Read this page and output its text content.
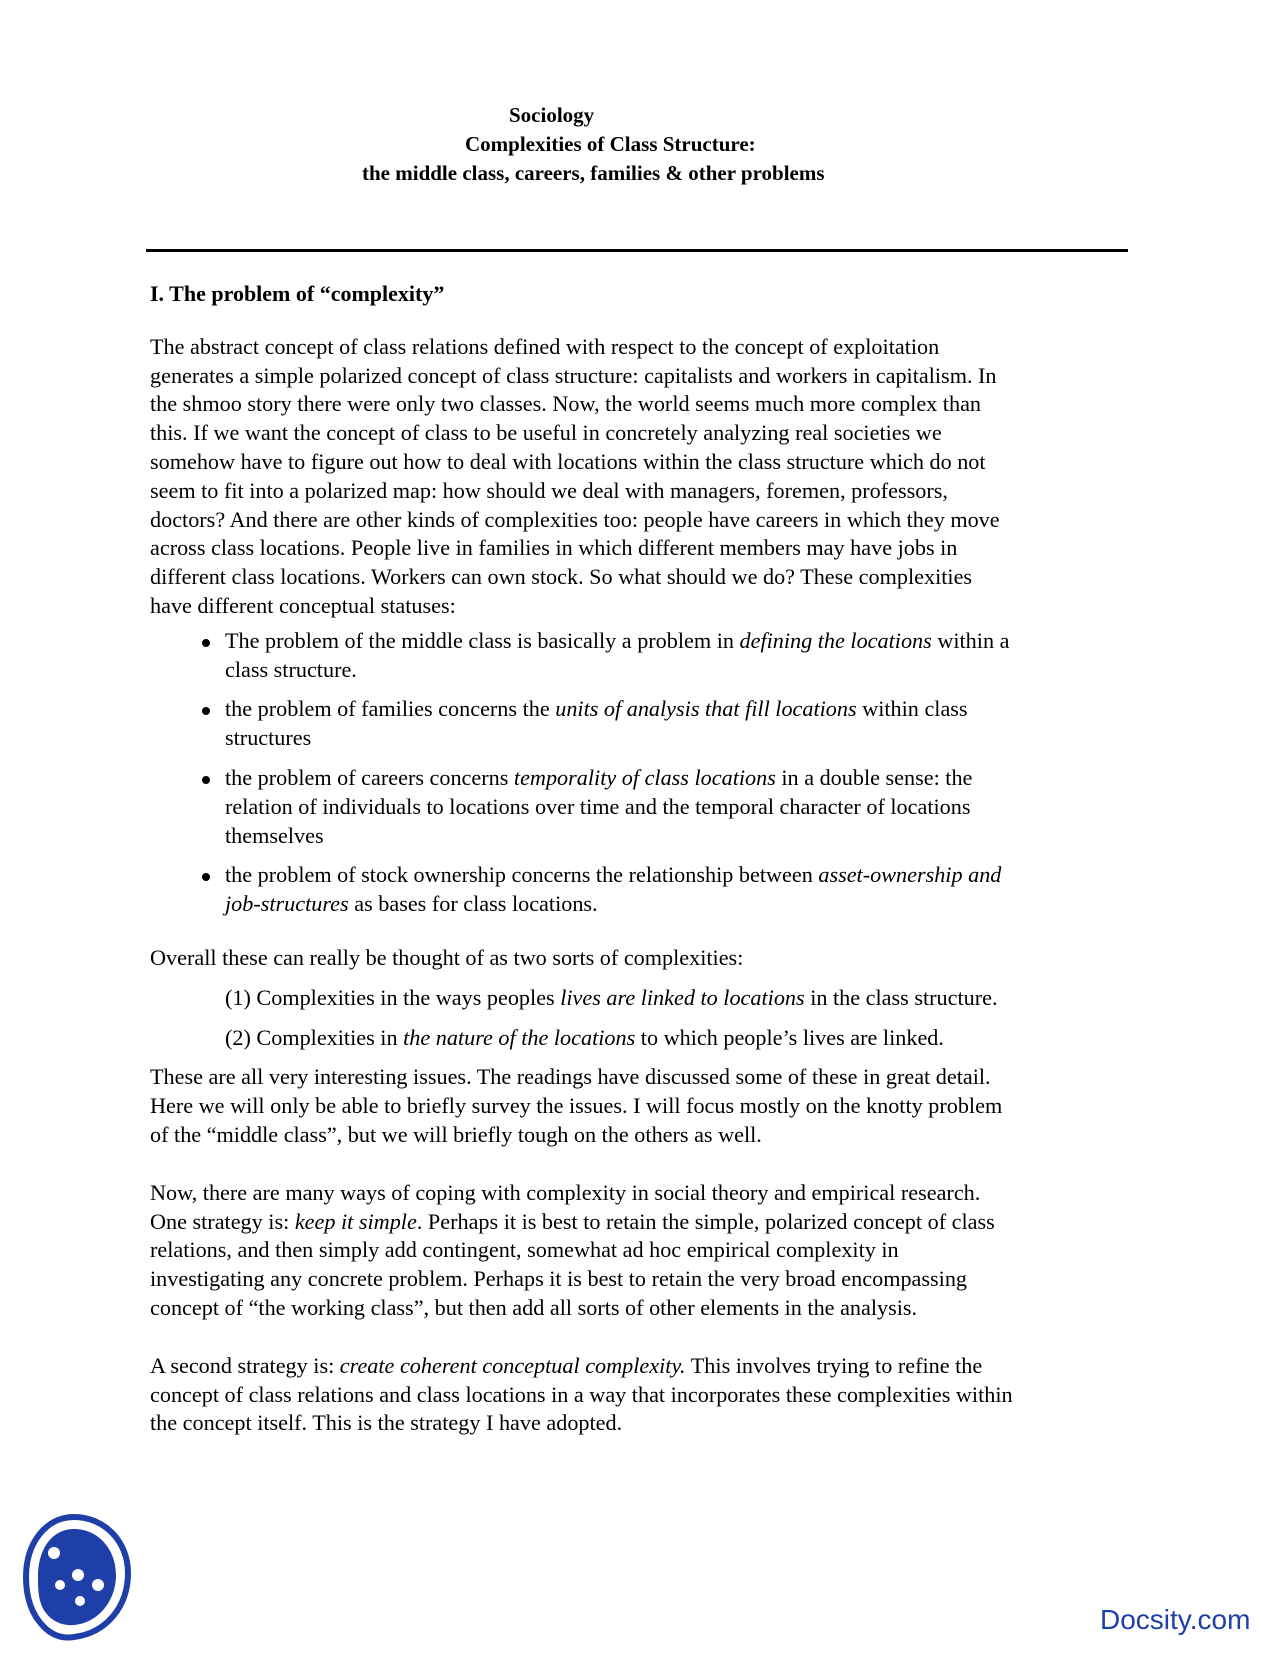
Sociology
Complexities of Class Structure:
the middle class, careers, families & other problems
I. The problem of “complexity”

The abstract concept of class relations defined with respect to the concept of exploitation
generates a simple polarized concept of class structure: capitalists and workers in capitalism. In
the shmoo story there were only two classes. Now, the world seems much more complex than
this. If we want the concept of class to be useful in concretely analyzing real societies we
somehow have to figure out how to deal with locations within the class structure which do not
seem to fit into a polarized map: how should we deal with managers, foremen, professors,
doctors? And there are other kinds of complexities too: people have careers in which they move
across class locations. People live in families in which different members may have jobs in
different class locations. Workers can own stock. So what should we do? These complexities
have different conceptual statuses:

The problem of the middle class is basically a problem in defining the locations within a
class structure.
the problem of families concerns the units of analysis that fill locations within class
structures
the problem of careers concerns temporality of class locations in a double sense: the
relation of individuals to locations over time and the temporal character of locations
themselves
the problem of stock ownership concerns the relationship between asset-ownership and
job-structures as bases for class locations.

Overall these can really be thought of as two sorts of complexities:

(1) Complexities in the ways peoples lives are linked to locations in the class structure.

(2) Complexities in the nature of the locations to which people’s lives are linked.

These are all very interesting issues. The readings have discussed some of these in great detail.
Here we will only be able to briefly survey the issues. I will focus mostly on the knotty problem
of the “middle class”, but we will briefly tough on the others as well.

Now, there are many ways of coping with complexity in social theory and empirical research.
One strategy is: keep it simple. Perhaps it is best to retain the simple, polarized concept of class
relations, and then simply add contingent, somewhat ad hoc empirical complexity in
investigating any concrete problem. Perhaps it is best to retain the very broad encompassing
concept of “the working class”, but then add all sorts of other elements in the analysis.

A second strategy is: create coherent conceptual complexity. This involves trying to refine the
concept of class relations and class locations in a way that incorporates these complexities within
the concept itself. This is the strategy I have adopted.

Docsity.com
